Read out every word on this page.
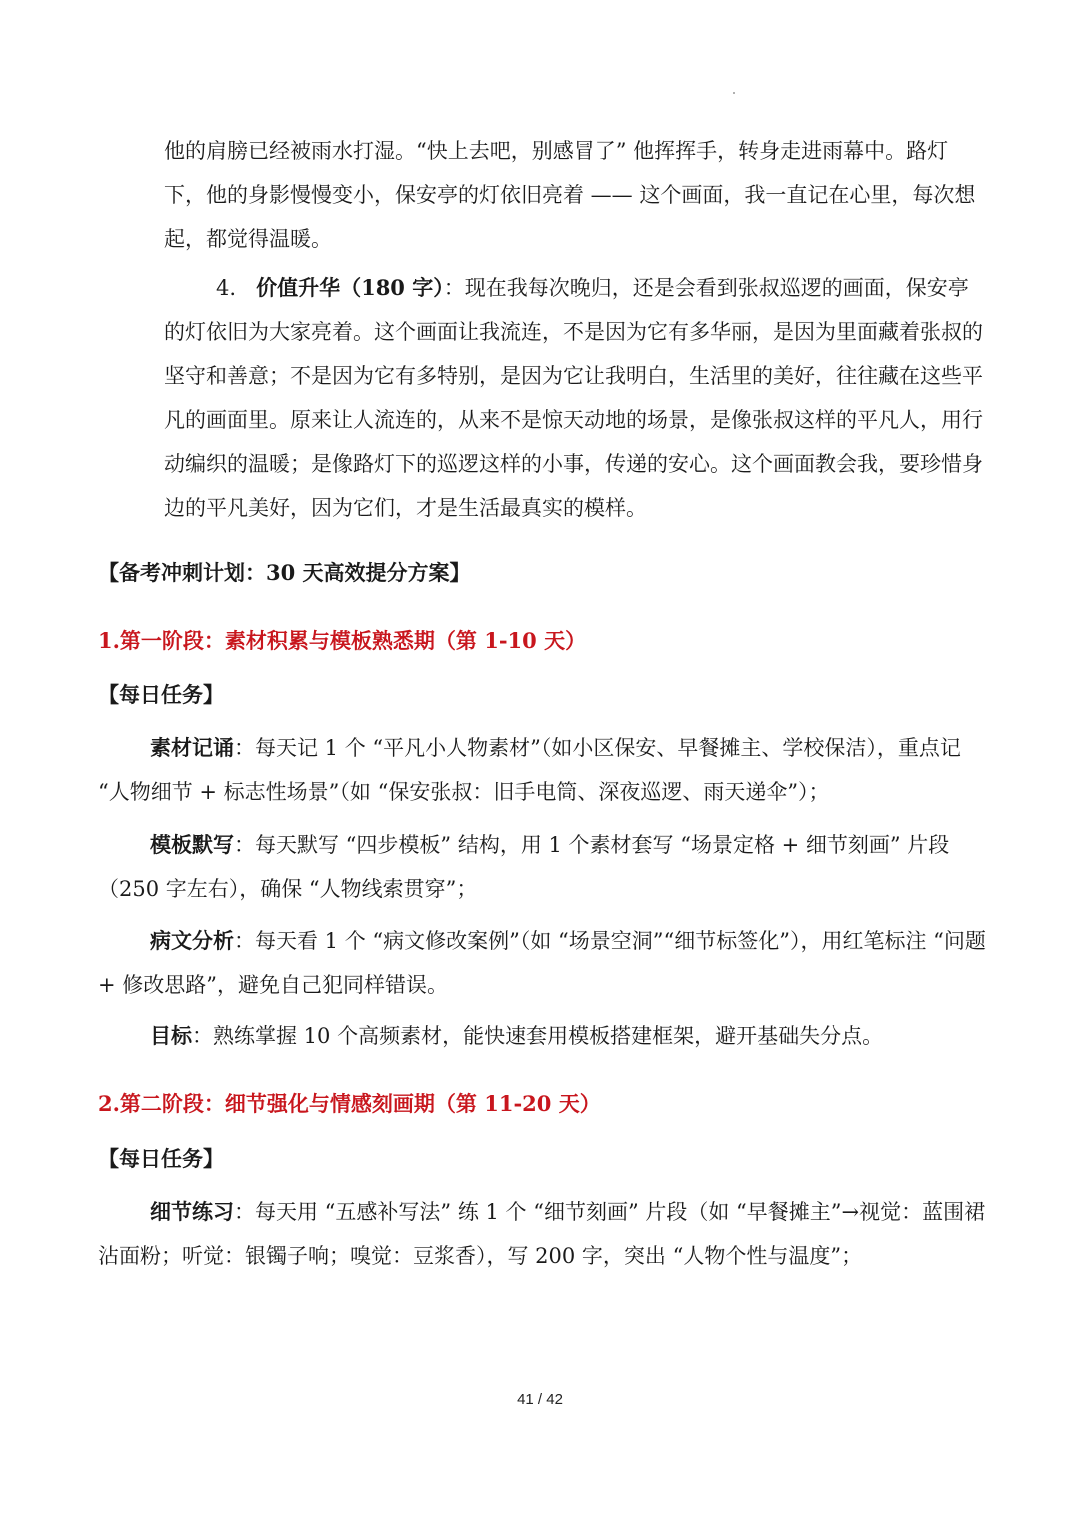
他的肩膀已经被雨水打湿。“快上去吧，别感冒了” 他挥挥手，转身走进雨幕中。路灯下，他的身影慢慢变小，保安亭的灯依旧亮着 —— 这个画面，我一直记在心里，每次想起，都觉得温暖。

4. 价值升华（180 字）：现在我每次晚归，还是会看到张叔巡逻的画面，保安亭的灯依旧为大家亮着。这个画面让我流连，不是因为它有多华丽，是因为里面藏着张叔的坚守和善意；不是因为它有多特别，是因为它让我明白，生活里的美好，往往藏在这些平凡的画面里。原来让人流连的，从来不是惊天动地的场景，是像张叔这样的平凡人，用行动编织的温暖；是像路灯下的巡逻这样的小事，传递的安心。这个画面教会我，要珍惜身边的平凡美好，因为它们，才是生活最真实的模样。

【备考冲刺计划：30 天高效提分方案】
1.第一阶段：素材积累与模板熟悉期（第 1-10 天）
【每日任务】

素材记诵：每天记 1 个 “平凡小人物素材”（如小区保安、早餐摊主、学校保洁），重点记 “人物细节 + 标志性场景”（如 “保安张叔：旧手电筒、深夜巡逻、雨天递伞”）；

模板默写：每天默写 “四步模板” 结构，用 1 个素材套写 “场景定格 + 细节刻画” 片段（250 字左右），确保 “人物线索贯穿”；

病文分析：每天看 1 个 “病文修改案例”（如 “场景空洞”“细节标签化”），用红笔标注 “问题 + 修改思路”，避免自己犯同样错误。

目标：熟练掌握 10 个高频素材，能快速套用模板搭建框架，避开基础失分点。

2.第二阶段：细节强化与情感刻画期（第 11-20 天）
【每日任务】

细节练习：每天用 “五感补写法” 练 1 个 “细节刻画” 片段（如 “早餐摊主”→视觉：蓝围裙沾面粉；听觉：银镯子响；嗅觉：豆浆香），写 200 字，突出 “人物个性与温度”；

41 / 42
